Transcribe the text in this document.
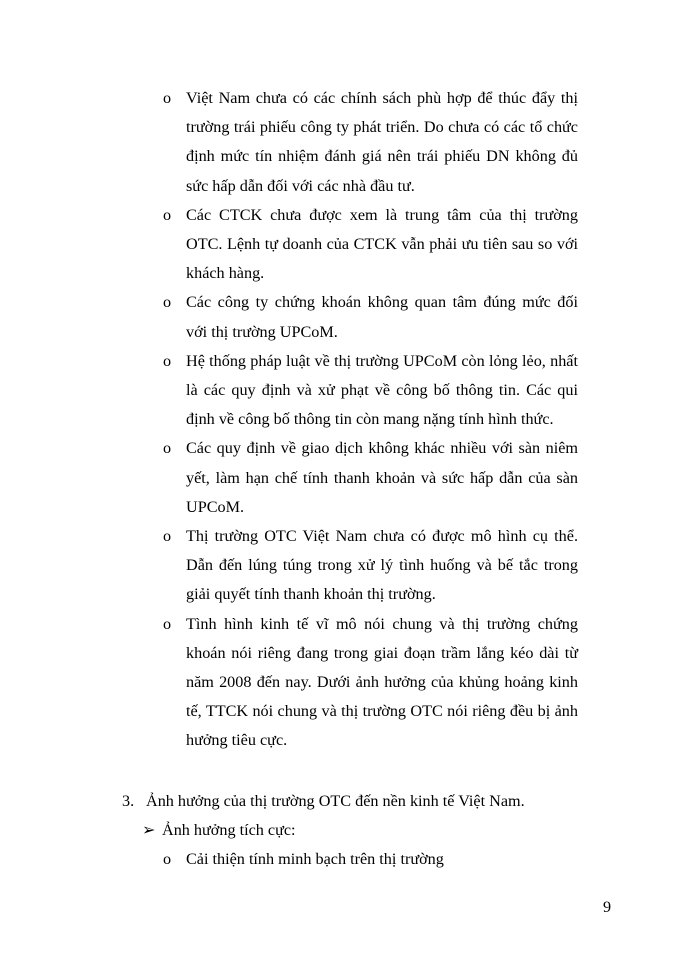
o Việt Nam chưa có các chính sách phù hợp để thúc đẩy thị trường trái phiếu công ty phát triển. Do chưa có các tổ chức định mức tín nhiệm đánh giá nên trái phiếu DN không đủ sức hấp dẫn đối với các nhà đầu tư.
o Các CTCK chưa được xem là trung tâm của thị trường OTC. Lệnh tự doanh của CTCK vẫn phải ưu tiên sau so với khách hàng.
o Các công ty chứng khoán không quan tâm đúng mức đối với thị trường UPCoM.
o Hệ thống pháp luật về thị trường UPCoM còn lỏng lẻo, nhất là các quy định và xử phạt về công bố thông tin. Các qui định về công bố thông tin còn mang nặng tính hình thức.
o Các quy định về giao dịch không khác nhiều với sàn niêm yết, làm hạn chế tính thanh khoản và sức hấp dẫn của sàn UPCoM.
o Thị trường OTC Việt Nam chưa có được mô hình cụ thể. Dẫn đến lúng túng trong xử lý tình huống và bế tắc trong giải quyết tính thanh khoản thị trường.
o Tình hình kinh tế vĩ mô nói chung và thị trường chứng khoán nói riêng đang trong giai đoạn trầm lắng kéo dài từ năm 2008 đến nay. Dưới ảnh hưởng của khủng hoảng kinh tế, TTCK nói chung và thị trường OTC nói riêng đều bị ảnh hưởng tiêu cực.
3. Ảnh hưởng của thị trường OTC đến nền kinh tế Việt Nam.
➢ Ảnh hưởng tích cực:
o Cải thiện tính minh bạch trên thị trường
9
